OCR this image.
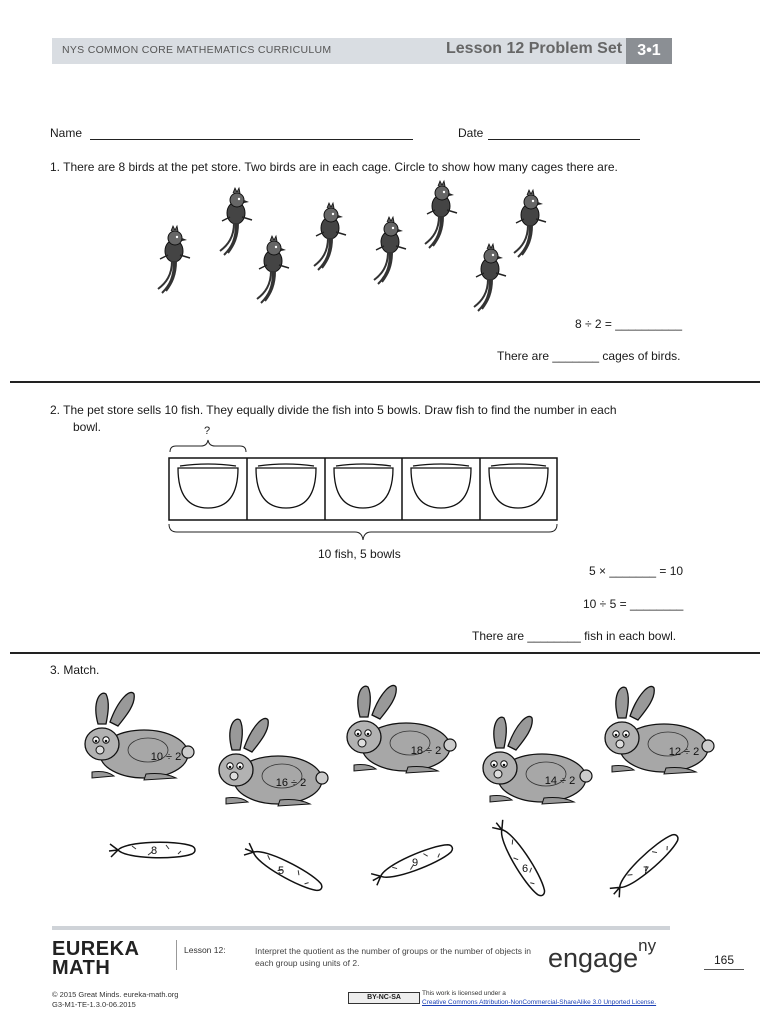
NYS COMMON CORE MATHEMATICS CURRICULUM	Lesson 12 Problem Set 3•1
Name	Date
1. There are 8 birds at the pet store. Two birds are in each cage. Circle to show how many cages there are.
8 ÷ 2 = __________
There are _______ cages of birds.
2. The pet store sells 10 fish. They equally divide the fish into 5 bowls. Draw fish to find the number in each
bowl.	?
10 fish, 5 bowls
5 × _______ = 10
10 ÷ 5 = ________
There are ________ fish in each bowl.
3. Match.
10 ÷ 2
16 ÷ 2
18 ÷ 2
14 ÷ 2
12 ÷ 2
8
5
9	6	7
EUREKA
MATH
Lesson 12:	Interpret the quotient as the number of groups or the number of objects in each group using units of 2.	engage$^{ny}$
165
© 2015 Great Minds. eureka-math.org
G3-M1-TE-1.3.0-06.2015
BY-NC-SA
This work is licensed under a
Creative Commons Attribution-NonCommercial-ShareAlike 3.0 Unported License.
